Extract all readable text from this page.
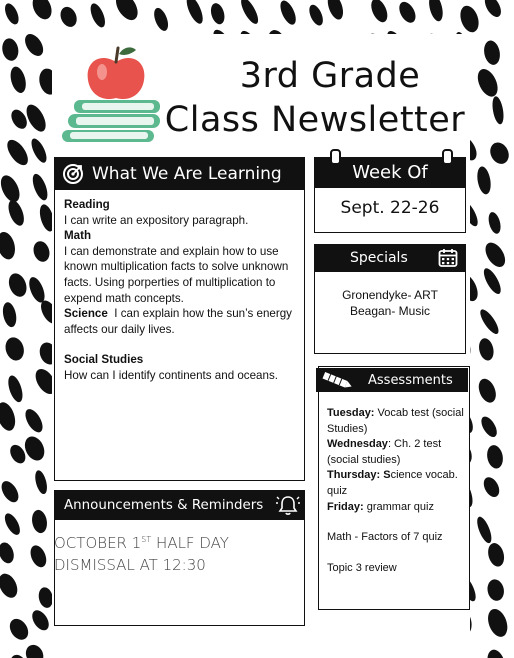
3rd Grade
Class Newsletter
What We Are Learning
Reading
I can write an expository paragraph.
Math
I can demonstrate and explain how to use known multiplication facts to solve unknown facts. Using porperties of multiplication to expend math concepts.
Science I can explain how the sun’s energy affects our daily lives.
Social Studies
How can I identify continents and oceans.
Week Of
Sept. 22-26
Specials
Gronendyke- ART
Beagan- Music
Assessments
Tuesday: Vocab test (social Studies)
Wednesday: Ch. 2 test (social studies)
Thursday: Science vocab. quiz
Friday: grammar quiz
Math - Factors of 7 quiz
Topic 3 review
Announcements & Reminders
OCTOBER 1ST HALF DAY
DISMISSAL AT 12:30
